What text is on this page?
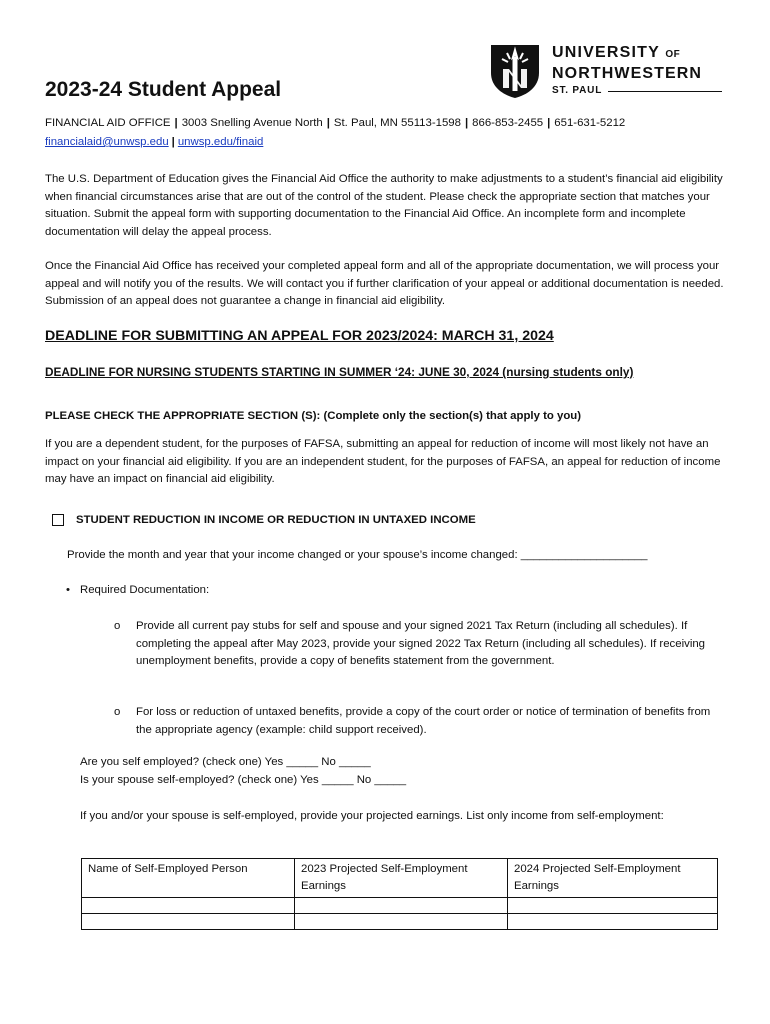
UNIVERSITY OF
NORTHWESTERN
ST. PAUL
2023-24 Student Appeal
FINANCIAL AID OFFICE | 3003 Snelling Avenue North | St. Paul, MN 55113-1598 | 866-853-2455 | 651-631-5212
financialaid@unwsp.edu | unwsp.edu/finaid
The U.S. Department of Education gives the Financial Aid Office the authority to make adjustments to a student’s financial aid eligibility when financial circumstances arise that are out of the control of the student. Please check the appropriate section that matches your situation. Submit the appeal form with supporting documentation to the Financial Aid Office. An incomplete form and incomplete documentation will delay the appeal process.
Once the Financial Aid Office has received your completed appeal form and all of the appropriate documentation, we will process your appeal and will notify you of the results. We will contact you if further clarification of your appeal or additional documentation is needed. Submission of an appeal does not guarantee a change in financial aid eligibility.
DEADLINE FOR SUBMITTING AN APPEAL FOR 2023/2024: MARCH 31, 2024
DEADLINE FOR NURSING STUDENTS STARTING IN SUMMER ‘24: JUNE 30, 2024 (nursing students only)
PLEASE CHECK THE APPROPRIATE SECTION (S): (Complete only the section(s) that apply to you)
If you are a dependent student, for the purposes of FAFSA, submitting an appeal for reduction of income will most likely not have an impact on your financial aid eligibility. If you are an independent student, for the purposes of FAFSA, an appeal for reduction of income may have an impact on financial aid eligibility.
STUDENT REDUCTION IN INCOME OR REDUCTION IN UNTAXED INCOME
Provide the month and year that your income changed or your spouse’s income changed: ____________________
• Required Documentation:
o	Provide all current pay stubs for self and spouse and your signed 2021 Tax Return (including all schedules). If completing the appeal after May 2023, provide your signed 2022 Tax Return (including all schedules). If receiving unemployment benefits, provide a copy of benefits statement from the government.
o	For loss or reduction of untaxed benefits, provide a copy of the court order or notice of termination of benefits from the appropriate agency (example: child support received).
Are you self employed? (check one) Yes _____ No _____
Is your spouse self-employed? (check one) Yes _____ No _____
If you and/or your spouse is self-employed, provide your projected earnings. List only income from self-employment:
Name of Self-Employed Person	2023 Projected Self-Employment Earnings	2024 Projected Self-Employment Earnings
